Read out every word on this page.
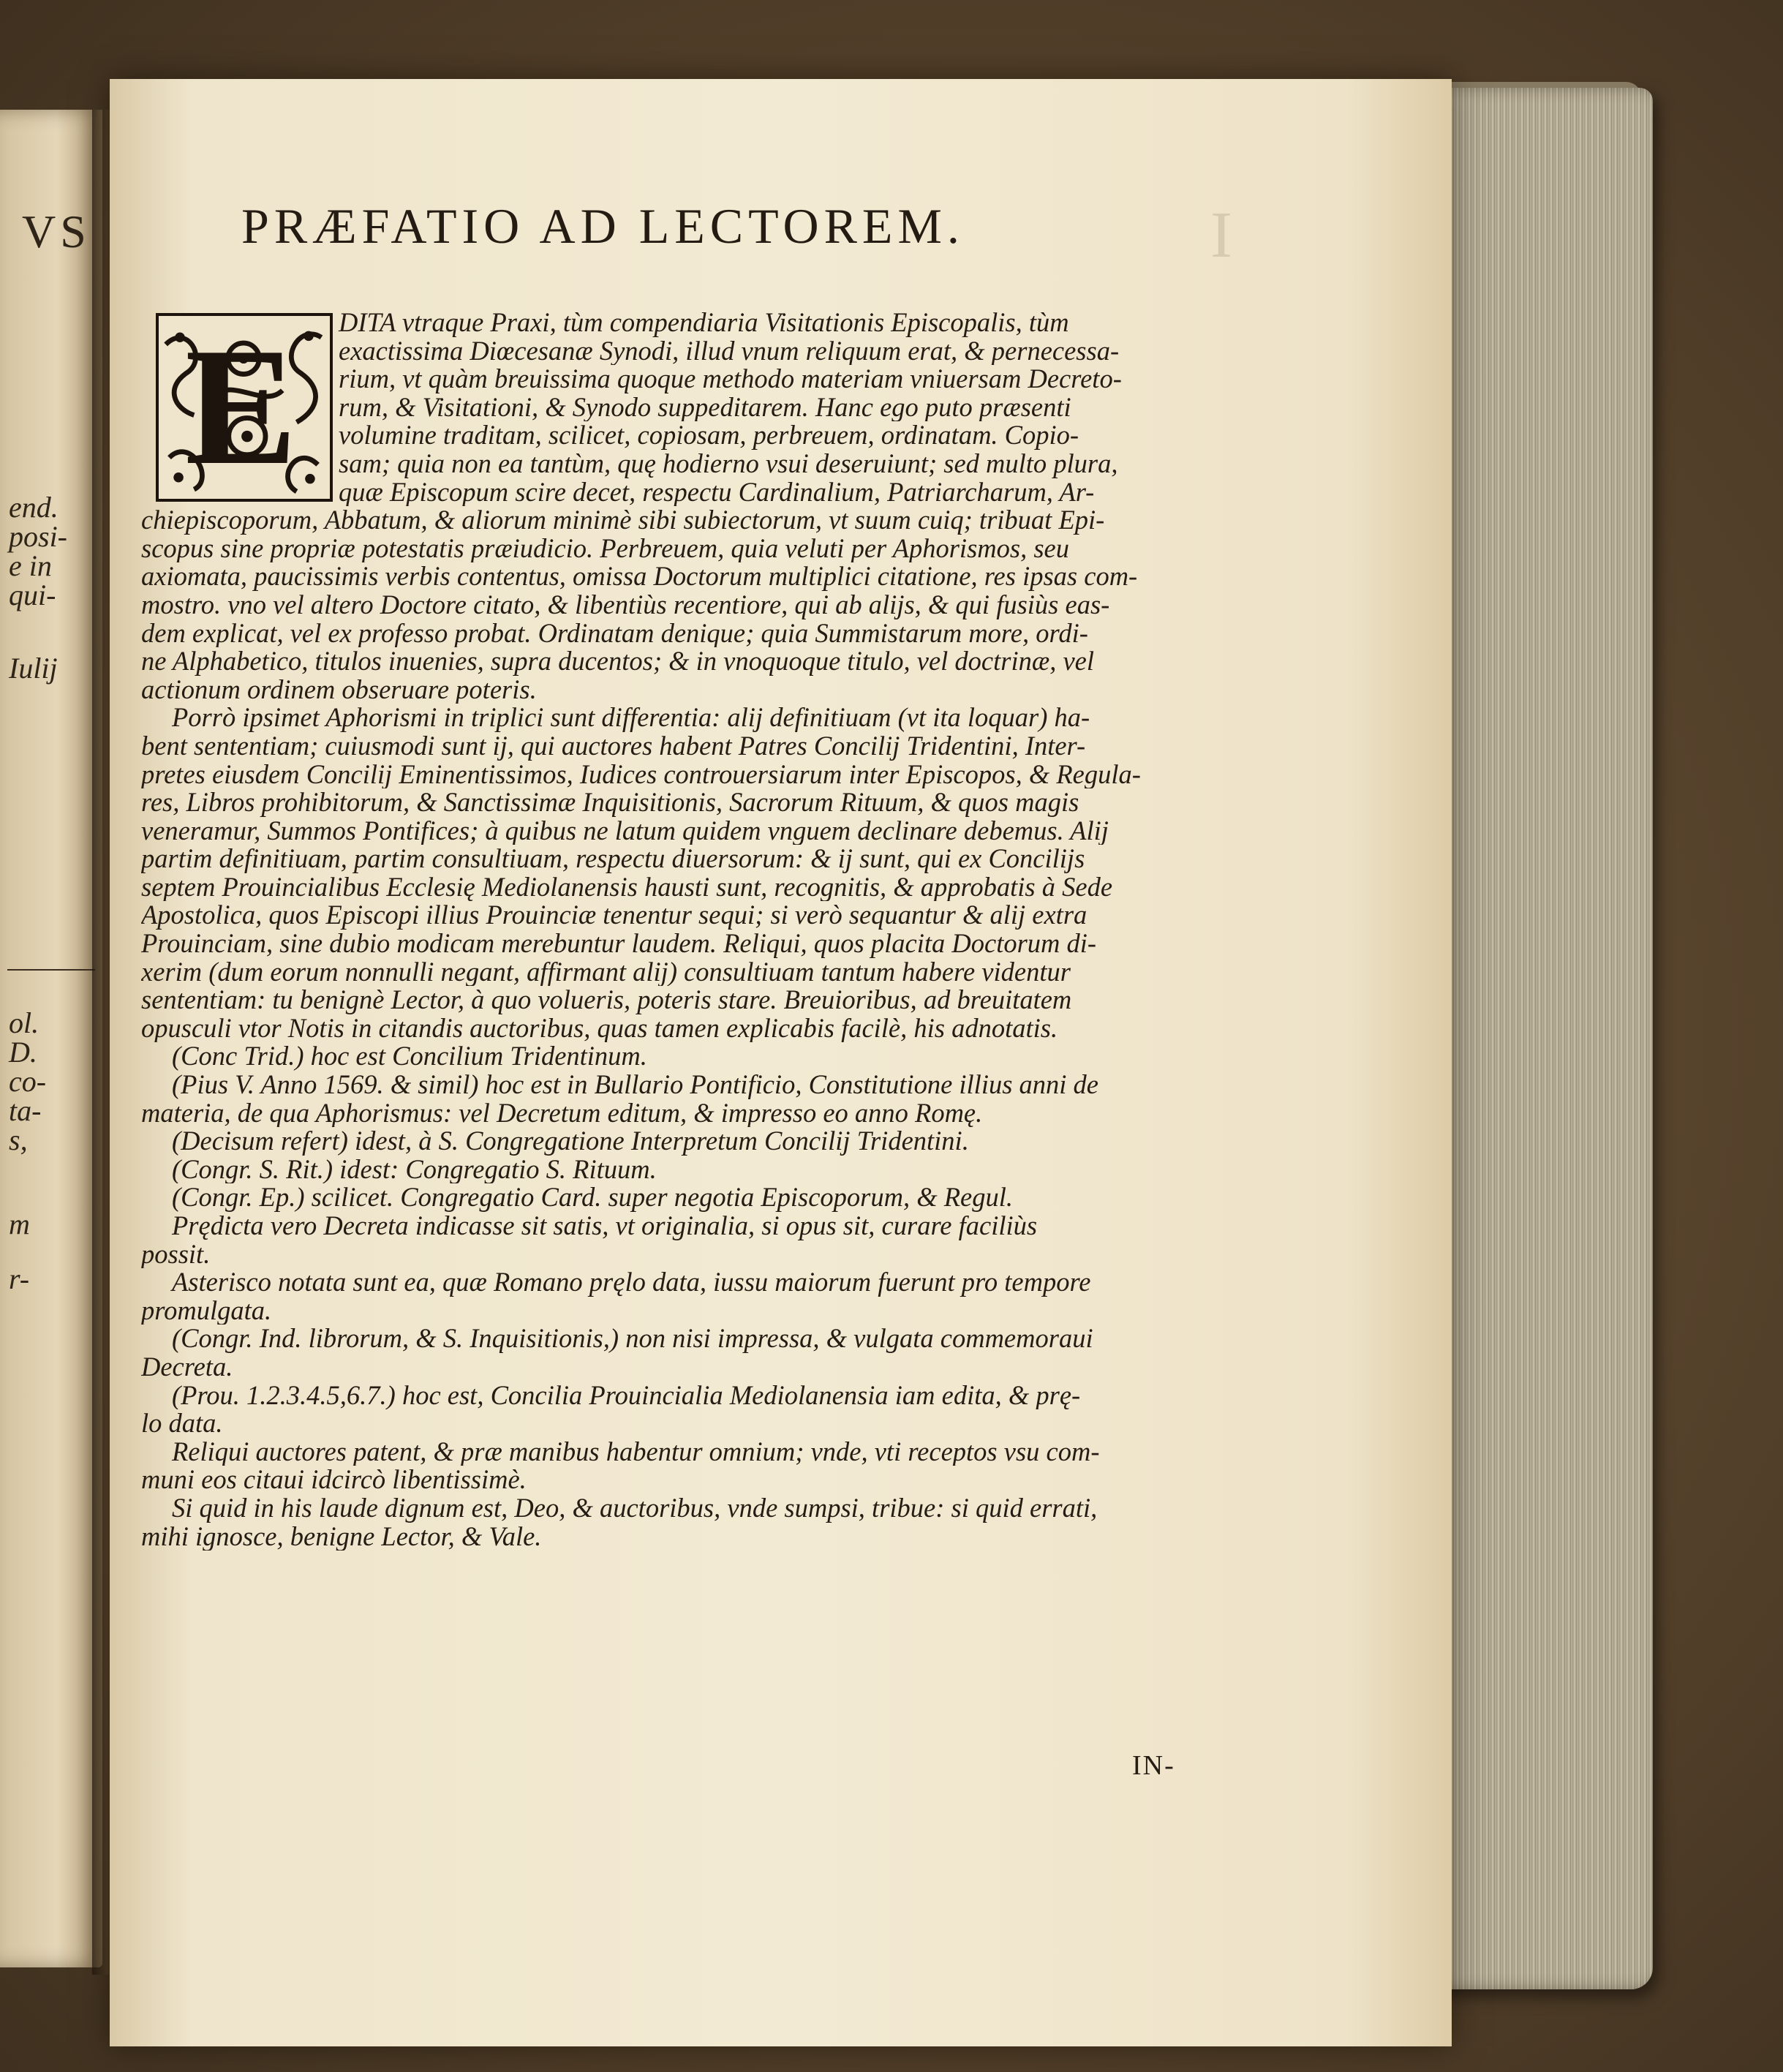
VS
end.
posi-
e in
qui-
Iulij
ol.
D.
co-
ta-
s,
m
r-
I
PRÆFATIO AD LECTOREM.
E	DITA vtraque Praxi, tùm compendiaria Visitationis Episcopalis, tùm
exactissima Diœcesanæ Synodi, illud vnum reliquum erat, & pernecessa-
rium, vt quàm breuissima quoque methodo materiam vniuersam Decreto-
rum, & Visitationi, & Synodo suppeditarem. Hanc ego puto præsenti
volumine traditam, scilicet, copiosam, perbreuem, ordinatam. Copio-
sam; quia non ea tantùm, quę hodierno vsui deseruiunt; sed multo plura,
quæ Episcopum scire decet, respectu Cardinalium, Patriarcharum, Ar-
chiepiscoporum, Abbatum, & aliorum minimè sibi subiectorum, vt suum cuiq; tribuat Epi-
scopus sine propriæ potestatis præiudicio. Perbreuem, quia veluti per Aphorismos, seu
axiomata, paucissimis verbis contentus, omissa Doctorum multiplici citatione, res ipsas com-
mostro. vno vel altero Doctore citato, & libentiùs recentiore, qui ab alijs, & qui fusiùs eas-
dem explicat, vel ex professo probat. Ordinatam denique; quia Summistarum more, ordi-
ne Alphabetico, titulos inuenies, supra ducentos; & in vnoquoque titulo, vel doctrinæ, vel
actionum ordinem obseruare poteris.
Porrò ipsimet Aphorismi in triplici sunt differentia: alij definitiuam (vt ita loquar) ha-
bent sententiam; cuiusmodi sunt ij, qui auctores habent Patres Concilij Tridentini, Inter-
pretes eiusdem Concilij Eminentissimos, Iudices controuersiarum inter Episcopos, & Regula-
res, Libros prohibitorum, & Sanctissimæ Inquisitionis, Sacrorum Rituum, & quos magis
veneramur, Summos Pontifices; à quibus ne latum quidem vnguem declinare debemus. Alij
partim definitiuam, partim consultiuam, respectu diuersorum: & ij sunt, qui ex Concilijs
septem Prouincialibus Ecclesię Mediolanensis hausti sunt, recognitis, & approbatis à Sede
Apostolica, quos Episcopi illius Prouinciæ tenentur sequi; si verò sequantur & alij extra
Prouinciam, sine dubio modicam merebuntur laudem. Reliqui, quos placita Doctorum di-
xerim (dum eorum nonnulli negant, affirmant alij) consultiuam tantum habere videntur
sententiam: tu benignè Lector, à quo volueris, poteris stare. Breuioribus, ad breuitatem
opusculi vtor Notis in citandis auctoribus, quas tamen explicabis facilè, his adnotatis.
(Conc Trid.) hoc est Concilium Tridentinum.
(Pius V. Anno 1569. & simil) hoc est in Bullario Pontificio, Constitutione illius anni de
materia, de qua Aphorismus: vel Decretum editum, & impresso eo anno Romę.
(Decisum refert) idest, à S. Congregatione Interpretum Concilij Tridentini.
(Congr. S. Rit.) idest: Congregatio S. Rituum.
(Congr. Ep.) scilicet. Congregatio Card. super negotia Episcoporum, & Regul.
Prędicta vero Decreta indicasse sit satis, vt originalia, si opus sit, curare faciliùs
possit.
Asterisco notata sunt ea, quæ Romano pręlo data, iussu maiorum fuerunt pro tempore
promulgata.
(Congr. Ind. librorum, & S. Inquisitionis,) non nisi impressa, & vulgata commemoraui
Decreta.
(Prou. 1.2.3.4.5,6.7.) hoc est, Concilia Prouincialia Mediolanensia iam edita, & prę-
lo data.
Reliqui auctores patent, & præ manibus habentur omnium; vnde, vti receptos vsu com-
muni eos citaui idcircò libentissimè.
Si quid in his laude dignum est, Deo, & auctoribus, vnde sumpsi, tribue: si quid errati,
mihi ignosce, benigne Lector, & Vale.
IN-
